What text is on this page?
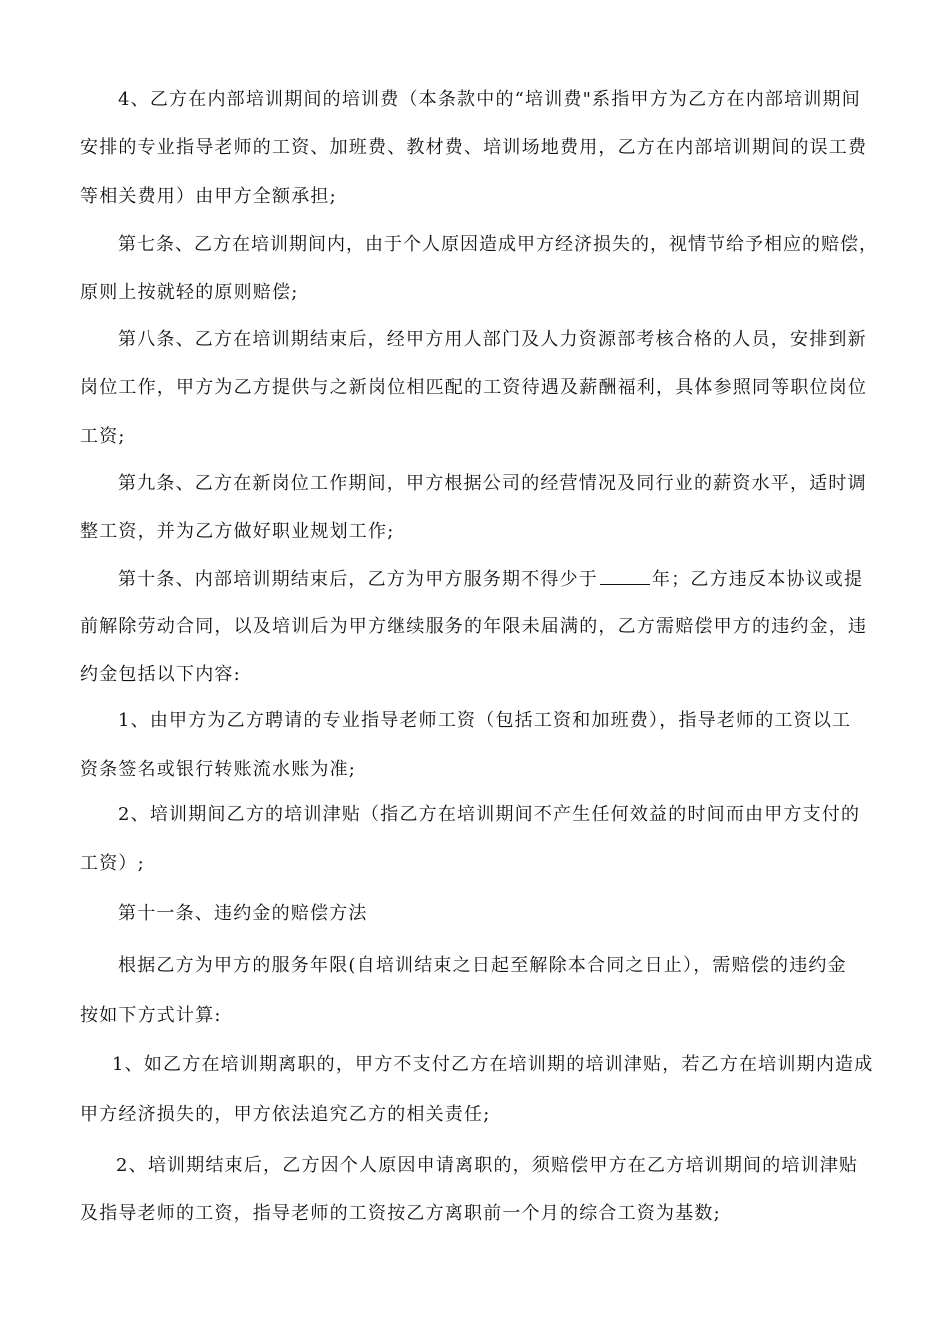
4、乙方在内部培训期间的培训费（本条款中的“培训费"系指甲方为乙方在内部培训期间
安排的专业指导老师的工资、加班费、教材费、培训场地费用，乙方在内部培训期间的误工费
等相关费用）由甲方全额承担;
第七条、乙方在培训期间内，由于个人原因造成甲方经济损失的，视情节给予相应的赔偿，
原则上按就轻的原则赔偿;
第八条、乙方在培训期结束后，经甲方用人部门及人力资源部考核合格的人员，安排到新
岗位工作，甲方为乙方提供与之新岗位相匹配的工资待遇及薪酬福利，具体参照同等职位岗位
工资;
第九条、乙方在新岗位工作期间，甲方根据公司的经营情况及同行业的薪资水平，适时调
整工资，并为乙方做好职业规划工作;
第十条、内部培训期结束后，乙方为甲方服务期不得少于	年；乙方违反本协议或提
前解除劳动合同，以及培训后为甲方继续服务的年限未届满的，乙方需赔偿甲方的违约金，违
约金包括以下内容:
1、由甲方为乙方聘请的专业指导老师工资（包括工资和加班费），指导老师的工资以工
资条签名或银行转账流水账为准;
2、培训期间乙方的培训津贴（指乙方在培训期间不产生任何效益的时间而由甲方支付的
工资）;
第十一条、违约金的赔偿方法
根据乙方为甲方的服务年限(自培训结束之日起至解除本合同之日止），需赔偿的违约金
按如下方式计算:
1、如乙方在培训期离职的，甲方不支付乙方在培训期的培训津贴，若乙方在培训期内造成
甲方经济损失的，甲方依法追究乙方的相关责任;
2、培训期结束后，乙方因个人原因申请离职的，须赔偿甲方在乙方培训期间的培训津贴
及指导老师的工资，指导老师的工资按乙方离职前一个月的综合工资为基数;
